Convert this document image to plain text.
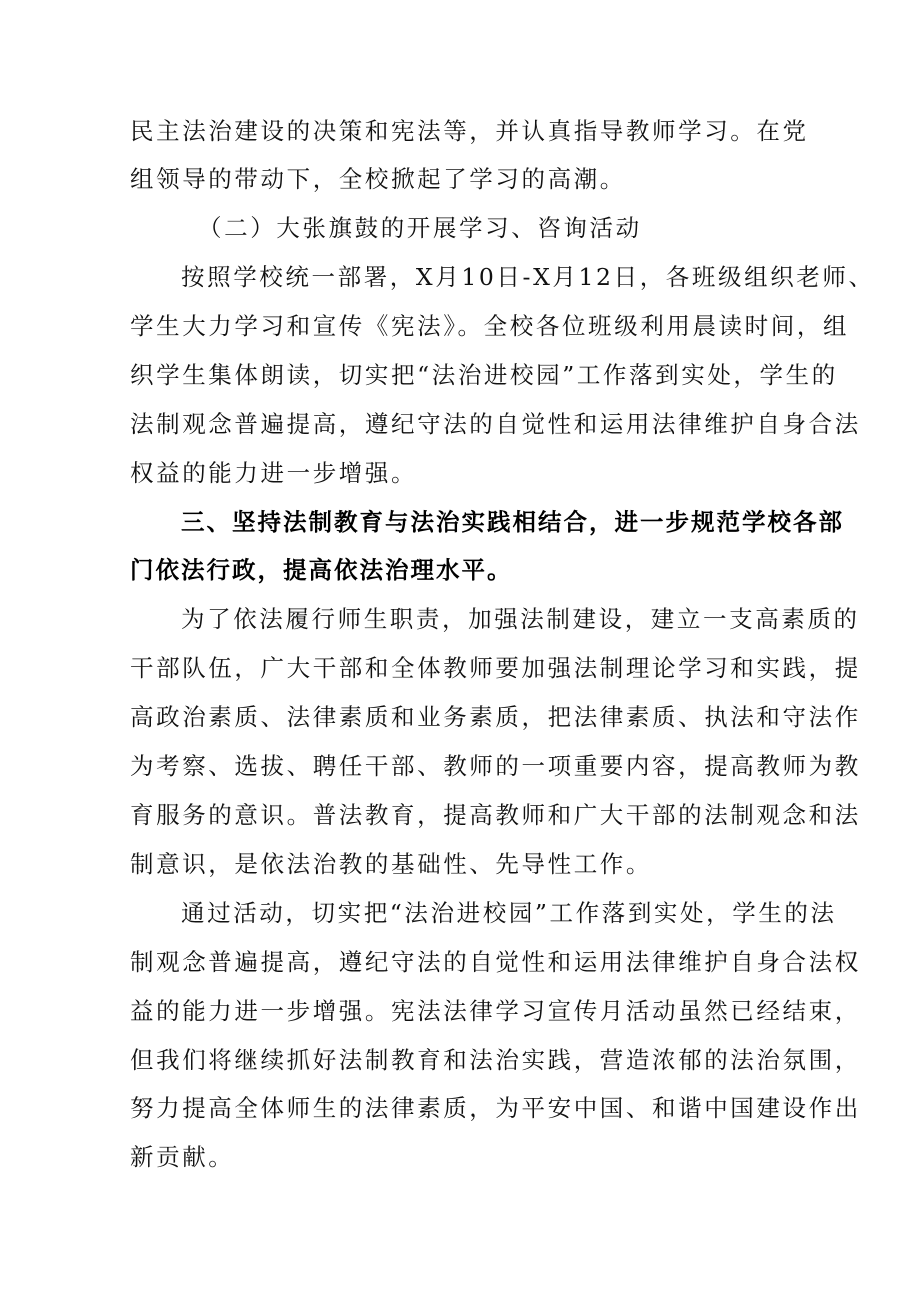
民主法治建设的决策和宪法等，并认真指导教师学习。在党
组领导的带动下，全校掀起了学习的高潮。
（二）大张旗鼓的开展学习、咨询活动
按照学校统一部署，X月10日-X月12日，各班级组织老师、
学生大力学习和宣传《宪法》。全校各位班级利用晨读时间，组
织学生集体朗读，切实把“法治进校园”工作落到实处，学生的
法制观念普遍提高，遵纪守法的自觉性和运用法律维护自身合法
权益的能力进一步增强。
三、坚持法制教育与法治实践相结合，进一步规范学校各部
门依法行政，提高依法治理水平。
为了依法履行师生职责，加强法制建设，建立一支高素质的
干部队伍，广大干部和全体教师要加强法制理论学习和实践，提
高政治素质、法律素质和业务素质，把法律素质、执法和守法作
为考察、选拔、聘任干部、教师的一项重要内容，提高教师为教
育服务的意识。普法教育，提高教师和广大干部的法制观念和法
制意识，是依法治教的基础性、先导性工作。
通过活动，切实把“法治进校园”工作落到实处，学生的法
制观念普遍提高，遵纪守法的自觉性和运用法律维护自身合法权
益的能力进一步增强。宪法法律学习宣传月活动虽然已经结束，
但我们将继续抓好法制教育和法治实践，营造浓郁的法治氛围，
努力提高全体师生的法律素质，为平安中国、和谐中国建设作出
新贡献。
